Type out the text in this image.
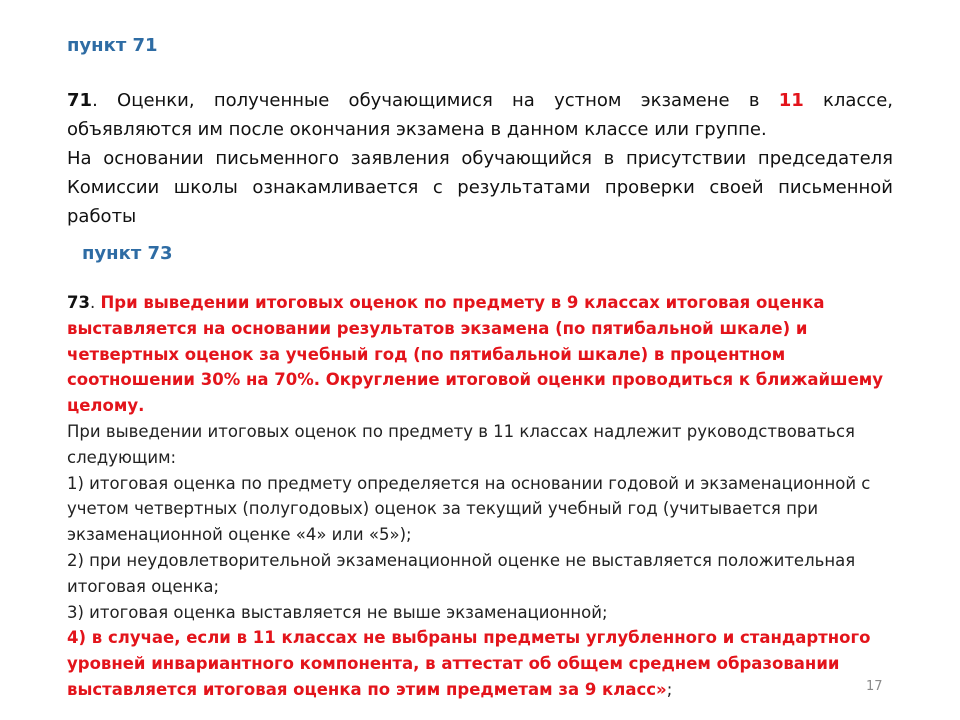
пункт 71

71. Оценки, полученные обучающимися на устном экзамене в 11 классе, объявляются им после окончания экзамена в данном классе или группе.

На основании письменного заявления обучающийся в присутствии председателя Комиссии школы ознакамливается с результатами проверки своей письменной работы

пункт 73

73. При выведении итоговых оценок по предмету в 9 классах итоговая оценка выставляется на основании результатов экзамена (по пятибальной шкале) и четвертных оценок за учебный год (по пятибальной шкале) в процентном соотношении 30% на 70%. Округление итоговой оценки проводиться к ближайшему целому.

При выведении итоговых оценок по предмету в 11 классах надлежит руководствоваться следующим:

1) итоговая оценка по предмету определяется на основании годовой и экзаменационной с учетом четвертных (полугодовых) оценок за текущий учебный год (учитывается при экзаменационной оценке «4» или «5»);

2) при неудовлетворительной экзаменационной оценке не выставляется положительная итоговая оценка;

3) итоговая оценка выставляется не выше экзаменационной;

4) в случае, если в 11 классах не выбраны предметы углубленного и стандартного уровней инвариантного компонента, в аттестат об общем среднем образовании выставляется итоговая оценка по этим предметам за 9 класс»;	17
